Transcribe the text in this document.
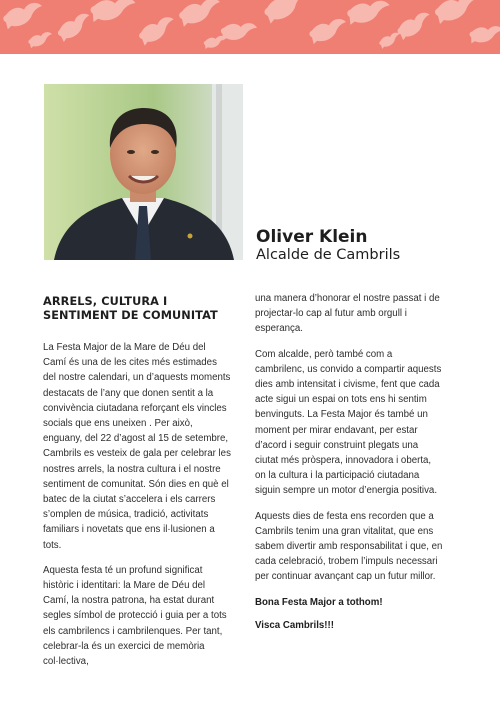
Oliver Klein

Alcalde de Cambrils

ARRELS, CULTURA I
SENTIMENT DE COMUNITAT

La Festa Major de la Mare de Déu del Camí és una de les cites més estimades del nostre calendari, un d’aquests moments destacats de l’any que donen sentit a la convivència ciutadana reforçant els vincles socials que ens uneixen . Per això, enguany, del 22 d’agost al 15 de setembre, Cambrils es vesteix de gala per celebrar les nostres arrels, la nostra cultura i el nostre sentiment de comunitat. Són dies en què el batec de la ciutat s’accelera i els carrers s’omplen de música, tradició, activitats familiars i novetats que ens il·lusionen a tots.

Aquesta festa té un profund significat històric i identitari: la Mare de Déu del Camí, la nostra patrona, ha estat durant segles símbol de protecció i guia per a tots els cambrilencs i cambrilenques. Per tant, celebrar-la és un exercici de memòria col·lectiva,

una manera d’honorar el nostre passat i de projectar-lo cap al futur amb orgull i esperança.

Com alcalde, però també com a cambrilenc, us convido a compartir aquests dies amb intensitat i civisme, fent que cada acte sigui un espai on tots ens hi sentim benvinguts. La Festa Major és també un moment per mirar endavant, per estar d’acord i seguir construint plegats una ciutat més pròspera, innovadora i oberta, on la cultura i la participació ciutadana siguin sempre un motor d’energia positiva.

Aquests dies de festa ens recorden que a Cambrils tenim una gran vitalitat, que ens sabem divertir amb responsabilitat i que, en cada celebració, trobem l’impuls necessari per continuar avançant cap un futur millor.

Bona Festa Major a tothom!

Visca Cambrils!!!
